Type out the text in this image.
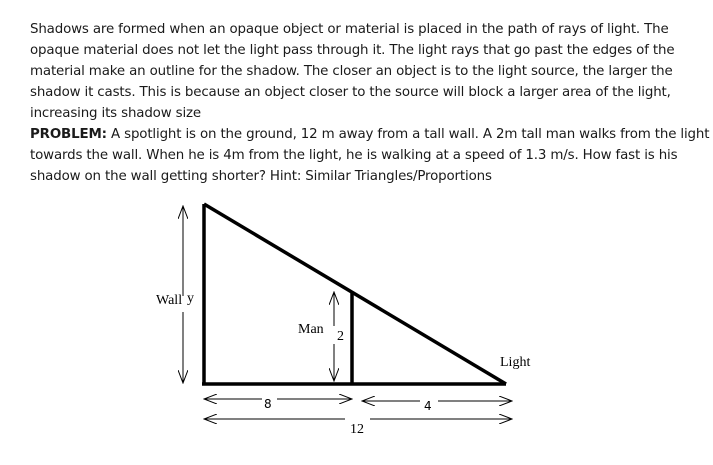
Shadows are formed when an opaque object or material is placed in the path of rays of light. The
opaque material does not let the light pass through it. The light rays that go past the edges of the
material make an outline for the shadow. The closer an object is to the light source, the larger the
shadow it casts. This is because an object closer to the source will block a larger area of the light,
increasing its shadow size
PROBLEM: A spotlight is on the ground, 12 m away from a tall wall. A 2m tall man walks from the light
towards the wall. When he is 4m from the light, he is walking at a speed of 1.3 m/s. How fast is his
shadow on the wall getting shorter? Hint: Similar Triangles/Proportions
Wall y
Man 2
Light
8	4
12
